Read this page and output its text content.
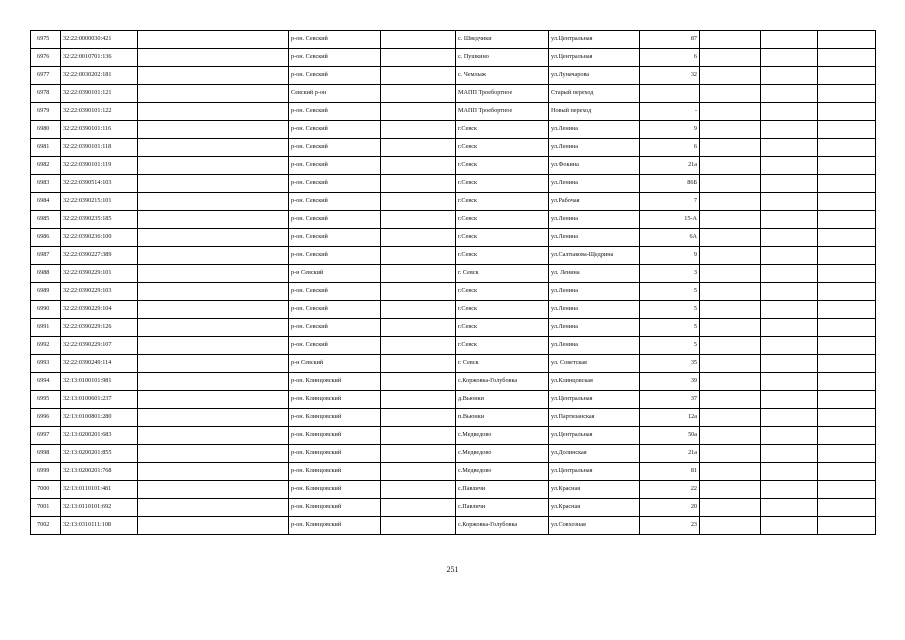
6975	32:22:0000030:421		р-он. Севский		с. Шведчики	ул.Центральная	87			
6976	32:22:0010701:136		р-он. Севский		с. Пушкино	ул.Центральная	6			
6977	32:22:0030202:181		р-он. Севский		с. Чемлыж	ул.Луначарова	32			
6978	32:22:0390101:121		Севский р-он		МАПП Троебортное	Старый переход				
6979	32:22:0390101:122		р-он. Севский		МАПП Троебортное	Новый переход	-			
6980	32:22:0390101:116		р-он. Севский		г.Севск	ул.Ленина	9			
6981	32:22:0390101:118		р-он. Севский		г.Севск	ул.Ленина	6			
6982	32:22:0390101:119		р-он. Севский		г.Севск	ул.Фокина	21а			
6983	32:22:0390514:103		р-он. Севский		г.Севск	ул.Ленина	86Б			
6984	32:22:0390215:101		р-он. Севский		г.Севск	ул.Рабочая	7			
6985	32:22:0390235:185		р-он. Севский		г.Севск	ул.Ленина	15-А			
6986	32:22:0390236:100		р-он. Севский		г.Севск	ул.Ленина	6А			
6987	32:22:0390227:389		р-он. Севский		г.Севск	ул.Салтыкова-Щедрина	9			
6988	32:22:0390229:101		р-н Севский		г. Севск	ул. Ленина	3			
6989	32:22:0390229:103		р-он. Севский		г.Севск	ул.Ленина	5			
6990	32:22:0390229:104		р-он. Севский		г.Севск	ул.Ленина	5			
6991	32:22:0390229:126		р-он. Севский		г.Севск	ул.Ленина	5			
6992	32:22:0390229:107		р-он. Севский		г.Севск	ул.Ленина	5			
6993	32:22:0390249:114		р-н Севский		г. Севск	ул. Советская	35			
6994	32:13:0100101:981		р-он. Клинцовский		с.Коржовка-Голубовка	ул.Клинцовская	39			
6995	32:13:0100601:237		р-он. Клинцовский		д.Вьюнки	ул.Центральная	37			
6996	32:13:0100801:280		р-он. Клинцовский		п.Вьюнки	ул.Партизанская	12а			
6997	32:13:0200201:683		р-он. Клинцовский		с.Медведово	ул.Центральная	50а			
6998	32:13:0200201:855		р-он. Клинцовский		с.Медведово	ул.Долинская	21а			
6999	32:13:0200201:768		р-он. Клинцовский		с.Медведово	ул.Центральная	81			
7000	32:13:0110101:481		р-он. Клинцовский		с.Павличи	ул.Красная	22			
7001	32:13:0110101:692		р-он. Клинцовский		с.Павличи	ул.Красная	20			
7002	32:13:0310111:108		р-он. Клинцовский		с.Коржовка-Голубовка	ул.Совхозная	23			
251
